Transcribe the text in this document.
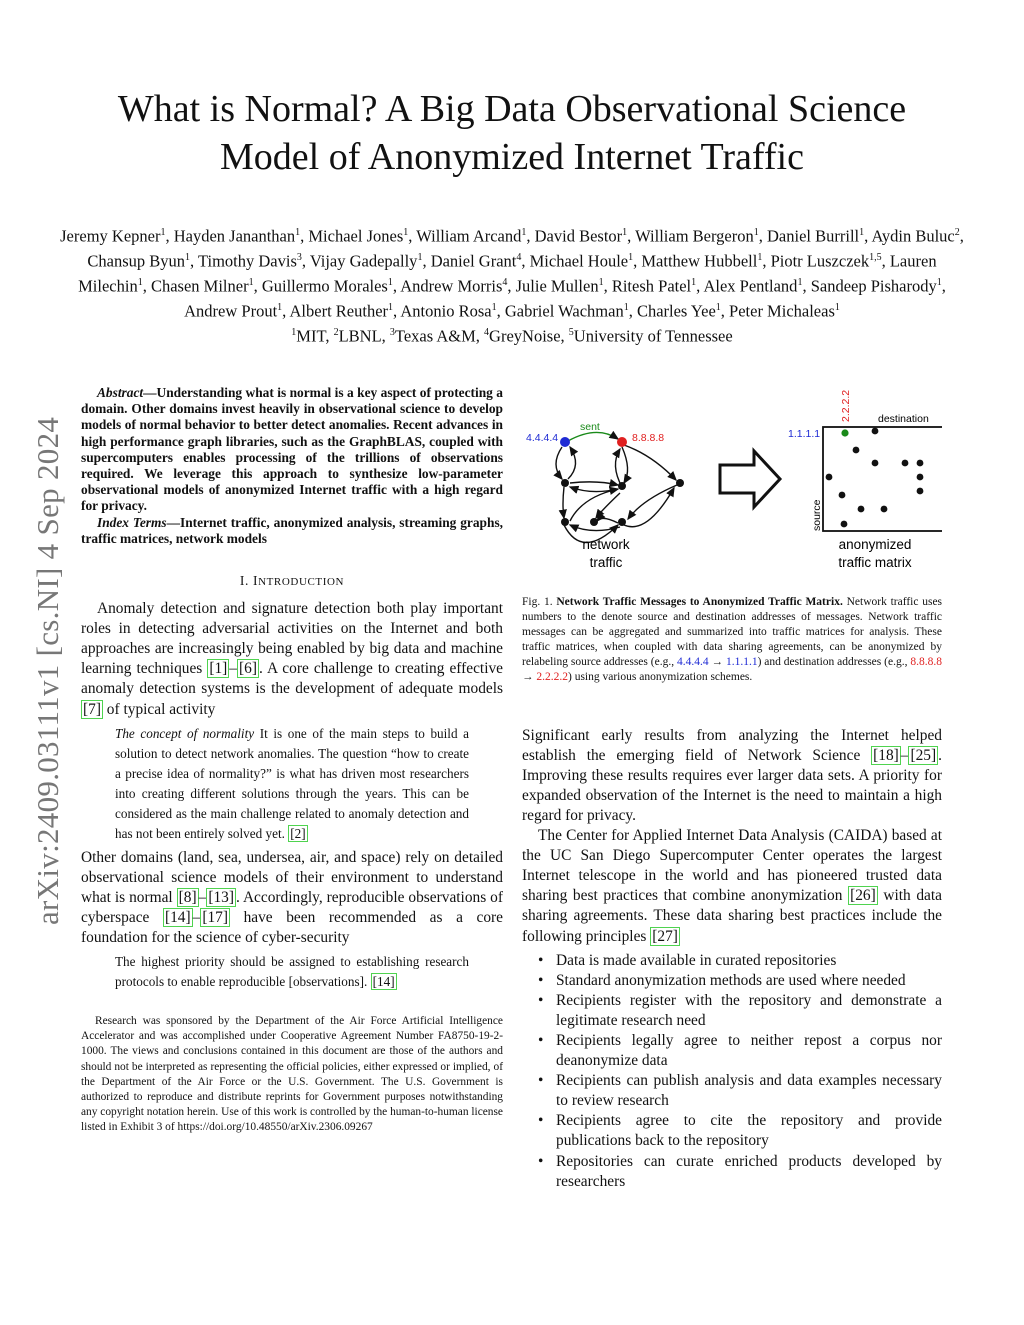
arXiv:2409.03111v1 [cs.NI] 4 Sep 2024
What is Normal? A Big Data Observational Science
Model of Anonymized Internet Traffic
Jeremy Kepner$^1$, Hayden Jananthan$^1$, Michael Jones$^1$, William Arcand$^1$, David Bestor$^1$, William Bergeron$^1$, Daniel Burrill$^1$, Aydin Buluc$^2$, Chansup Byun$^1$, Timothy Davis$^3$, Vijay Gadepally$^1$, Daniel Grant$^4$, Michael Houle$^1$, Matthew Hubbell$^1$, Piotr Luszczek$^{1,5}$, Lauren Milechin$^1$, Chasen Milner$^1$, Guillermo Morales$^1$, Andrew Morris$^4$, Julie Mullen$^1$, Ritesh Patel$^1$, Alex Pentland$^1$, Sandeep Pisharody$^1$, Andrew Prout$^1$, Albert Reuther$^1$, Antonio Rosa$^1$, Gabriel Wachman$^1$, Charles Yee$^1$, Peter Michaleas$^1$
$^1$MIT, $^2$LBNL, $^3$Texas A&M, $^4$GreyNoise, $^5$University of Tennessee
Abstract—Understanding what is normal is a key aspect of protecting a domain. Other domains invest heavily in observational science to develop models of normal behavior to better detect anomalies. Recent advances in high performance graph libraries, such as the GraphBLAS, coupled with supercomputers enables processing of the trillions of observations required. We leverage this approach to synthesize low-parameter observational models of anonymized Internet traffic with a high regard for privacy.
Index Terms—Internet traffic, anonymized analysis, streaming graphs, traffic matrices, network models
I. INTRODUCTION

Anomaly detection and signature detection both play important roles in detecting adversarial activities on the Internet and both approaches are increasingly being enabled by big data and machine learning techniques [1] – [6] . A core challenge to creating effective anomaly detection systems is the development of adequate models [7] of typical activity

The concept of normality It is one of the main steps to build a solution to detect network anomalies. The question “how to create a precise idea of normality?” is what has driven most researchers into creating different solutions through the years. This can be considered as the main challenge related to anomaly detection and has not been entirely solved yet. [2]

Other domains (land, sea, undersea, air, and space) rely on detailed observational science models of their environment to understand what is normal [8] – [13] . Accordingly, reproducible observations of cyberspace [14] – [17] have been recommended as a core foundation for the science of cyber-security

The highest priority should be assigned to establishing research protocols to enable reproducible [observations]. [14]
Research was sponsored by the Department of the Air Force Artificial Intelligence Accelerator and was accomplished under Cooperative Agreement Number FA8750-19-2-1000. The views and conclusions contained in this document are those of the authors and should not be interpreted as representing the official policies, either expressed or implied, of the Department of the Air Force or the U.S. Government. The U.S. Government is authorized to reproduce and distribute reprints for Government purposes notwithstanding any copyright notation herein. Use of this work is controlled by the human-to-human license listed in Exhibit 3 of https://doi.org/10.48550/arXiv.2306.09267
4.4.4.4	8.8.8.8
sent
network
traffic
1.1.1.1
2.2.2.2 destination
source
anonymized
traffic matrix
Fig. 1. Network Traffic Messages to Anonymized Traffic Matrix. Network traffic uses numbers to the denote source and destination addresses of messages. Network traffic messages can be aggregated and summarized into traffic matrices for analysis. These traffic matrices, when coupled with data sharing agreements, can be anonymized by relabeling source addresses (e.g., 4.4.4.4 → 1.1.1.1) and destination addresses (e.g., 8.8.8.8 → 2.2.2.2) using various anonymization schemes.

Significant early results from analyzing the Internet helped establish the emerging field of Network Science [18] – [25] . Improving these results requires ever larger data sets. A priority for expanded observation of the Internet is the need to maintain a high regard for privacy.

The Center for Applied Internet Data Analysis (CAIDA) based at the UC San Diego Supercomputer Center operates the largest Internet telescope in the world and has pioneered trusted data sharing best practices that combine anonymization [26] with data sharing agreements. These data sharing best practices include the following principles [27]

• Data is made available in curated repositories
• Standard anonymization methods are used where needed
• Recipients register with the repository and demonstrate a legitimate research need
• Recipients legally agree to neither repost a corpus nor deanonymize data
• Recipients can publish analysis and data examples necessary to review research
• Recipients agree to cite the repository and provide publications back to the repository
• Repositories can curate enriched products developed by researchers
